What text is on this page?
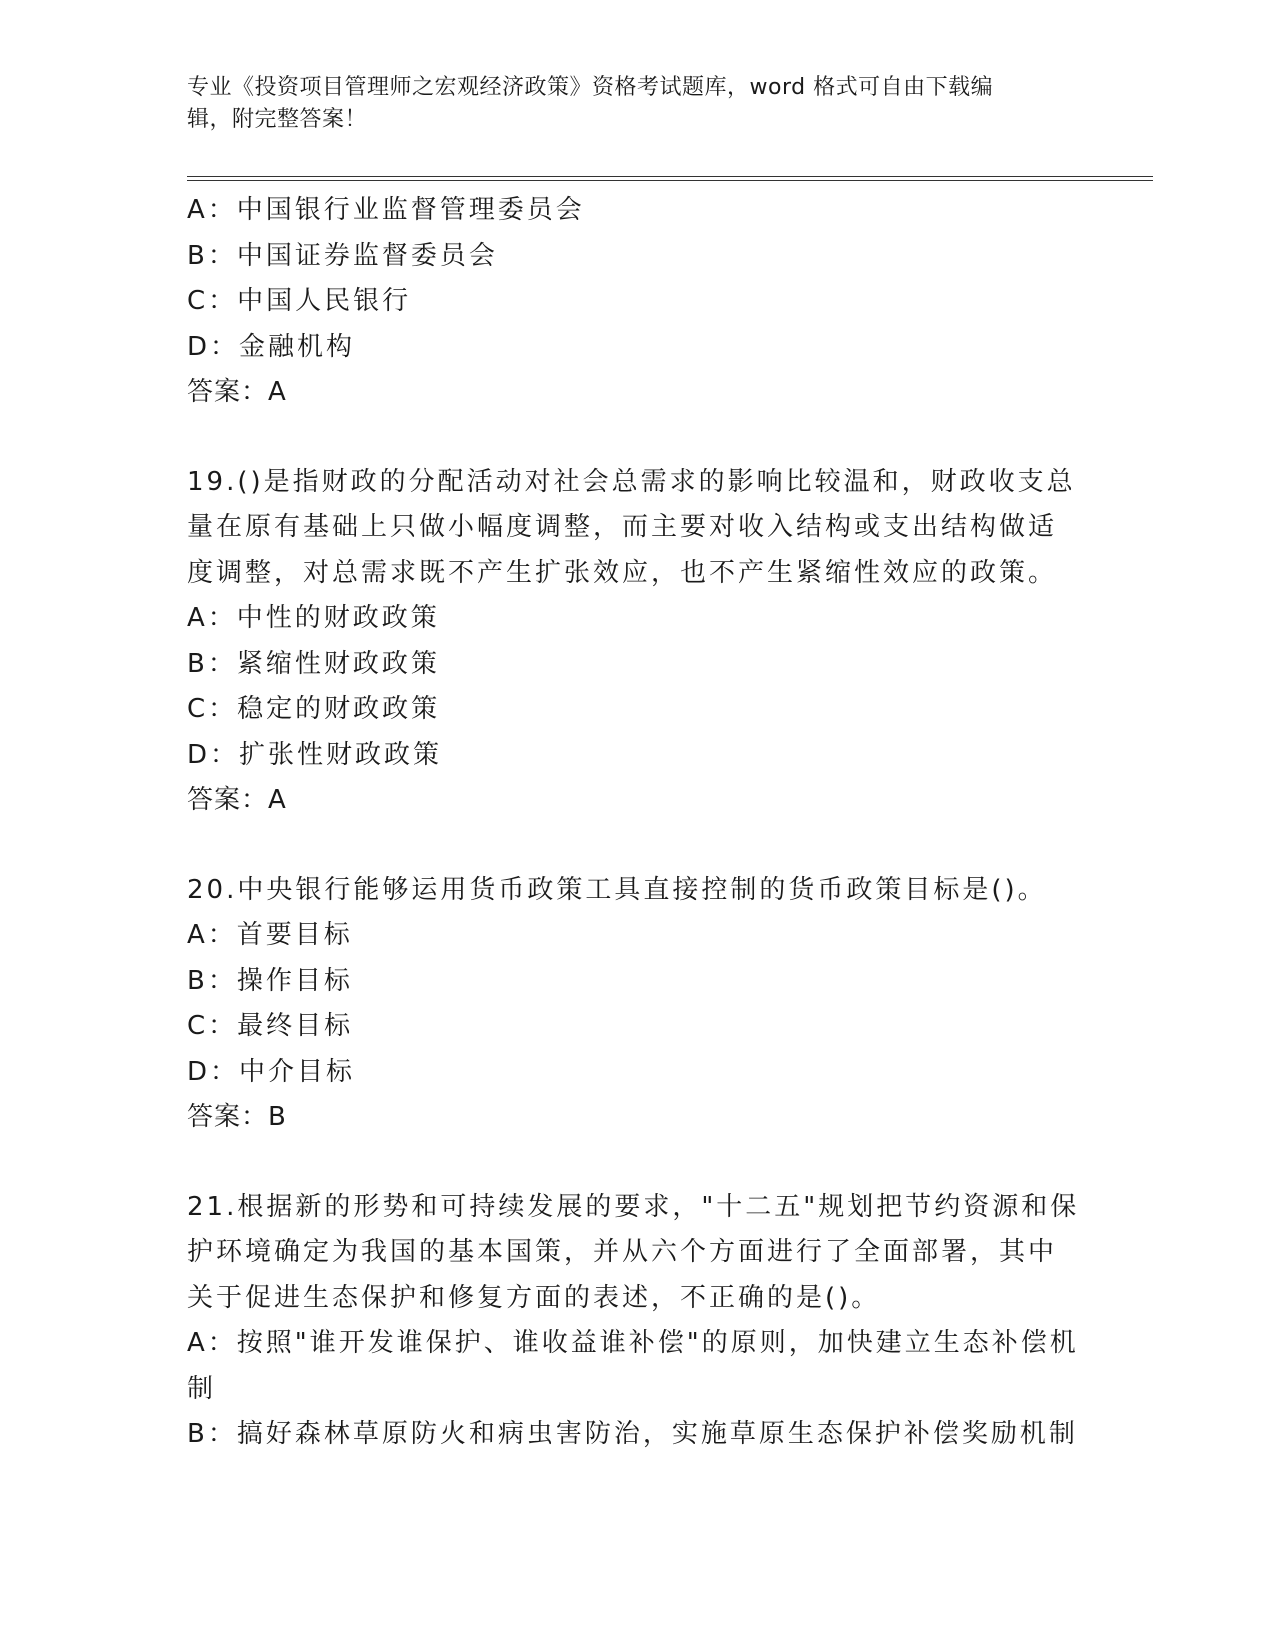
专业《投资项目管理师之宏观经济政策》资格考试题库，word 格式可自由下载编
辑，附完整答案！
A：中国银行业监督管理委员会
B：中国证券监督委员会
C：中国人民银行
D：金融机构
答案：A
19.()是指财政的分配活动对社会总需求的影响比较温和，财政收支总
量在原有基础上只做小幅度调整，而主要对收入结构或支出结构做适
度调整，对总需求既不产生扩张效应，也不产生紧缩性效应的政策。
A：中性的财政政策
B：紧缩性财政政策
C：稳定的财政政策
D：扩张性财政政策
答案：A
20.中央银行能够运用货币政策工具直接控制的货币政策目标是()。
A：首要目标
B：操作目标
C：最终目标
D：中介目标
答案：B
21.根据新的形势和可持续发展的要求，"十二五"规划把节约资源和保
护环境确定为我国的基本国策，并从六个方面进行了全面部署，其中
关于促进生态保护和修复方面的表述，不正确的是()。
A：按照"谁开发谁保护、谁收益谁补偿"的原则，加快建立生态补偿机
制
B：搞好森林草原防火和病虫害防治，实施草原生态保护补偿奖励机制
